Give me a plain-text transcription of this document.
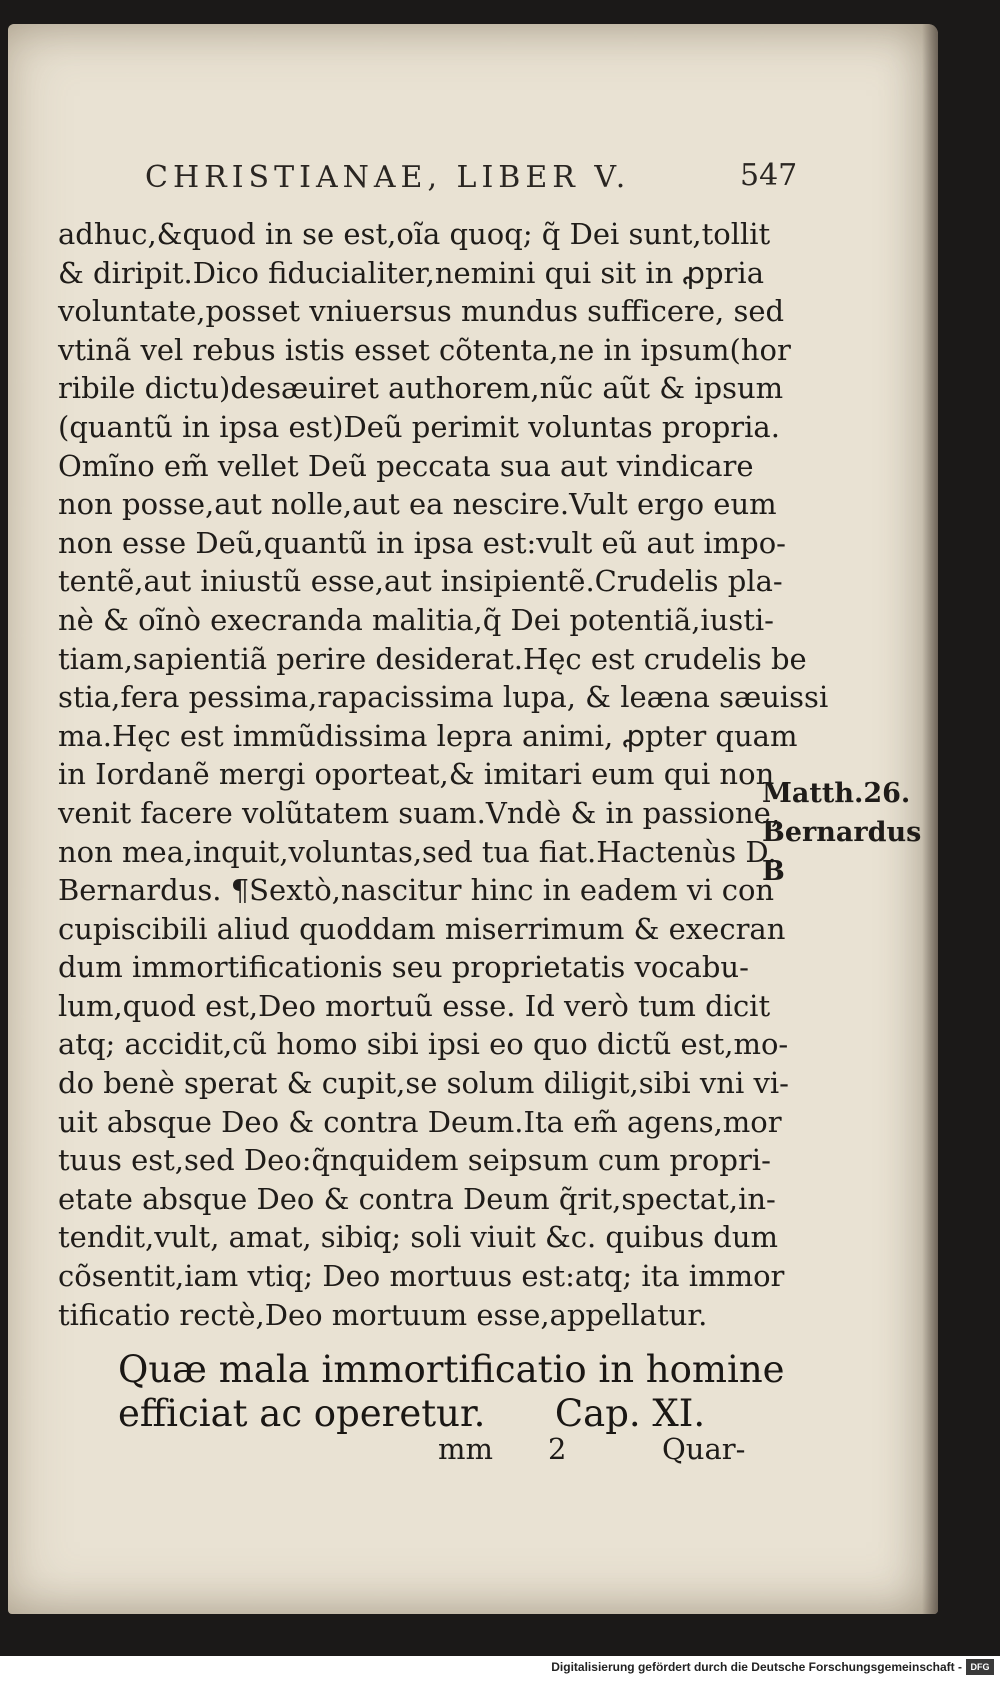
CHRISTIANAE, LIBER V.	547
adhuc,&quod in se est,oĩa quoq; q̃ Dei sunt,tollit
& diripit.Dico fiducialiter,nemini qui sit in ꝓpria
voluntate,posset vniuersus mundus sufficere, sed
vtinã vel rebus istis esset cõtenta,ne in ipsum(hor
ribile dictu)desæuiret authorem,nũc aũt & ipsum
(quantũ in ipsa est)Deũ perimit voluntas propria.
Omĩno em̃ vellet Deũ peccata sua aut vindicare
non posse,aut nolle,aut ea nescire.Vult ergo eum
non esse Deũ,quantũ in ipsa est:vult eũ aut impo-
tentẽ,aut iniustũ esse,aut insipientẽ.Crudelis pla-
nè & oĩnò execranda malitia,q̃ Dei potentiã,iusti-
tiam,sapientiã perire desiderat.Hęc est crudelis be
stia,fera pessima,rapacissima lupa, & leæna sæuissi
ma.Hęc est immũdissima lepra animi, ꝓpter quam
in Iordanẽ mergi oporteat,& imitari eum qui non
venit facere volũtatem suam.Vndè & in passione,
non mea,inquit,voluntas,sed tua fiat.Hactenùs D.
Bernardus. ¶Sextò,nascitur hinc in eadem vi con
cupiscibili aliud quoddam miserrimum & execran
dum immortificationis seu proprietatis vocabu-
lum,quod est,Deo mortuũ esse. Id verò tum dicit
atq; accidit,cũ homo sibi ipsi eo quo dictũ est,mo-
do benè sperat & cupit,se solum diligit,sibi vni vi-
uit absque Deo & contra Deum.Ita em̃ agens,mor
tuus est,sed Deo:q̃nquidem seipsum cum propri-
etate absque Deo & contra Deum q̃rit,spectat,in-
tendit,vult, amat, sibiq; soli viuit &c. quibus dum
cõsentit,iam vtiq; Deo mortuus est:atq; ita immor
tificatio rectè,Deo mortuum esse,appellatur.
Matth.26.
Bernardus
B
Quæ mala immortificatio in homine
efficiat ac operetur. Cap. XI.
mm 2	Quar-
Digitalisierung gefördert durch die Deutsche Forschungsgemeinschaft - DFG
